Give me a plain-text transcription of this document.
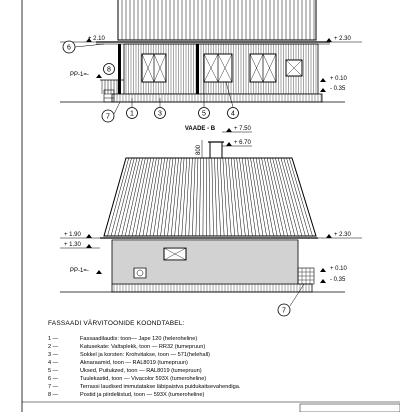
+ 2.10	+ 2.30
PP-1=-
+ 0.10
- 0.35
6
8
7	1	3	5	4
VAADE - B	+ 7.50
+ 6.70
800
+ 2.30
+ 1.90
+ 1.30
PP-1=-	+ 0.10
- 0.35
7
FASSAADI VÄRVITOONIDE KOONDTABEL:
1 —	Fassaadilaudis: toon— Jape 120 (heleroheline)
2 —	Katusekate: Valtsplekk, toon — RR32 (tumepruun)
3 —	Sokkel ja korsten: Krohvitakse, toon — 571(helehall)
4 —	Aknaraamid, toon — RAL8019 (tumepruun)
5 —	Uksed, Puitukzed, toon — RAL8019 (tumepruun)
6 —	Tuulekastid, toon — Vivacolor 593X (tumeroheline)
7 —	Terrassi laudised immutatakse läbipaistva puidukaitsevahendiga.
8 —	Postid ja piirdeliistud, toon — 593X (tumeroheline)
